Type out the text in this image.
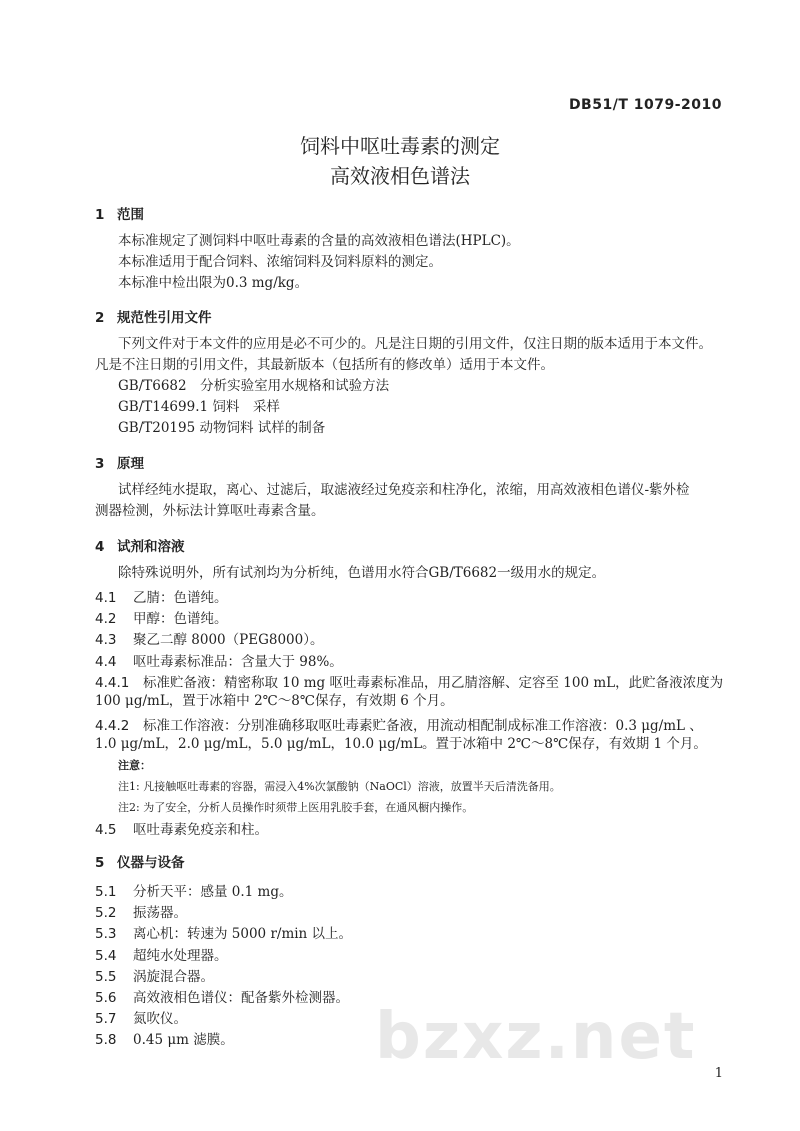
DB51/T 1079-2010
饲料中呕吐毒素的测定
高效液相色谱法
1 范围
本标准规定了测饲料中呕吐毒素的含量的高效液相色谱法(HPLC)。
本标准适用于配合饲料、浓缩饲料及饲料原料的测定。
本标准中检出限为0.3 mg/kg。
2 规范性引用文件
下列文件对于本文件的应用是必不可少的。凡是注日期的引用文件，仅注日期的版本适用于本文件。
凡是不注日期的引用文件，其最新版本（包括所有的修改单）适用于本文件。
GB/T6682　分析实验室用水规格和试验方法
GB/T14699.1 饲料　采样
GB/T20195 动物饲料 试样的制备
3 原理
试样经纯水提取，离心、过滤后，取滤液经过免疫亲和柱净化，浓缩，用高效液相色谱仪-紫外检
测器检测，外标法计算呕吐毒素含量。
4 试剂和溶液
除特殊说明外，所有试剂均为分析纯，色谱用水符合GB/T6682一级用水的规定。
4.1 乙腈：色谱纯。
4.2 甲醇：色谱纯。
4.3 聚乙二醇 8000（PEG8000）。
4.4 呕吐毒素标准品：含量大于 98%。
4.4.1 标准贮备液：精密称取 10 mg 呕吐毒素标准品，用乙腈溶解、定容至 100 mL，此贮备液浓度为
100 μg/mL，置于冰箱中 2℃～8℃保存，有效期 6 个月。
4.4.2 标准工作溶液：分别准确移取呕吐毒素贮备液，用流动相配制成标准工作溶液：0.3 μg/mL 、
1.0 μg/mL，2.0 μg/mL，5.0 μg/mL，10.0 μg/mL。置于冰箱中 2℃～8℃保存，有效期 1 个月。
注意：
注1: 凡接触呕吐毒素的容器，需浸入4%次氯酸钠（NaOCl）溶液，放置半天后清洗备用。
注2: 为了安全，分析人员操作时须带上医用乳胶手套，在通风橱内操作。
4.5 呕吐毒素免疫亲和柱。
5 仪器与设备
5.1 分析天平：感量 0.1 mg。
5.2 振荡器。
5.3 离心机：转速为 5000 r/min 以上。
5.4 超纯水处理器。
5.5 涡旋混合器。
5.6 高效液相色谱仪：配备紫外检测器。
5.7 氮吹仪。
5.8 0.45 μm 滤膜。 bzxz.net 1
